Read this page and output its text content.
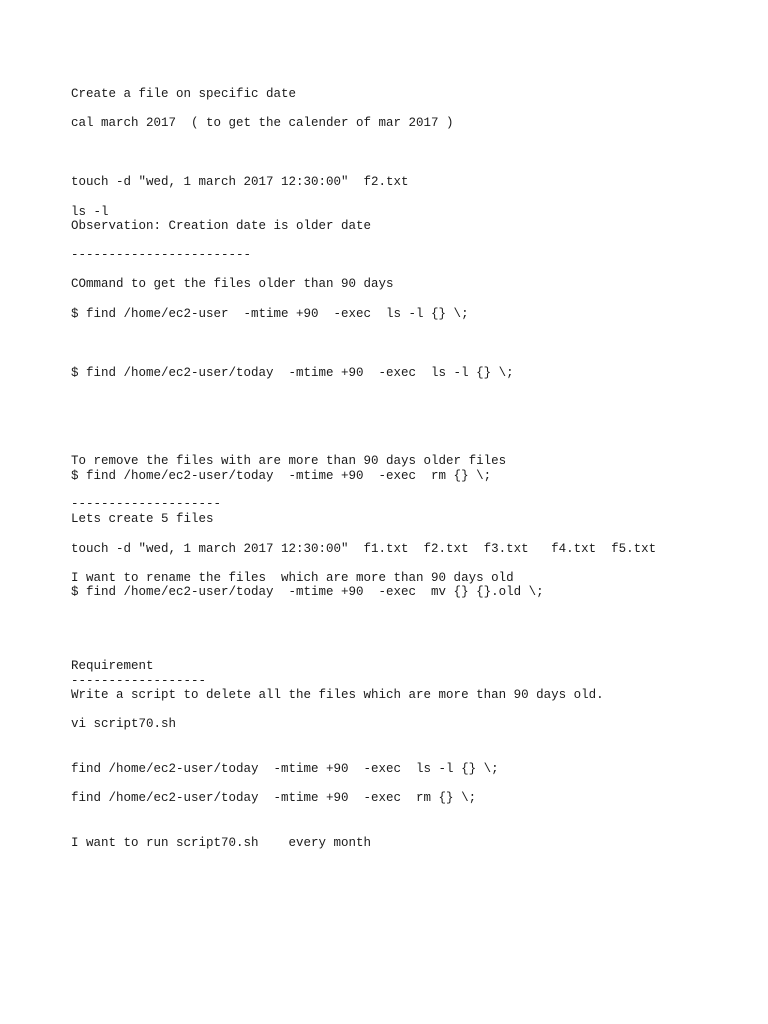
Create a file on specific date
cal march 2017  ( to get the calender of mar 2017 )
touch -d "wed, 1 march 2017 12:30:00"  f2.txt
ls -l
Observation: Creation date is older date
------------------------
COmmand to get the files older than 90 days
$ find /home/ec2-user  -mtime +90  -exec  ls -l {} \;
$ find /home/ec2-user/today  -mtime +90  -exec  ls -l {} \;
To remove the files with are more than 90 days older files
$ find /home/ec2-user/today  -mtime +90  -exec  rm {} \;
--------------------
Lets create 5 files
touch -d "wed, 1 march 2017 12:30:00"  f1.txt  f2.txt  f3.txt   f4.txt  f5.txt
I want to rename the files  which are more than 90 days old
$ find /home/ec2-user/today  -mtime +90  -exec  mv {} {}.old \;
Requirement
------------------
Write a script to delete all the files which are more than 90 days old.
vi script70.sh
find /home/ec2-user/today  -mtime +90  -exec  ls -l {} \;
find /home/ec2-user/today  -mtime +90  -exec  rm {} \;
I want to run script70.sh    every month
